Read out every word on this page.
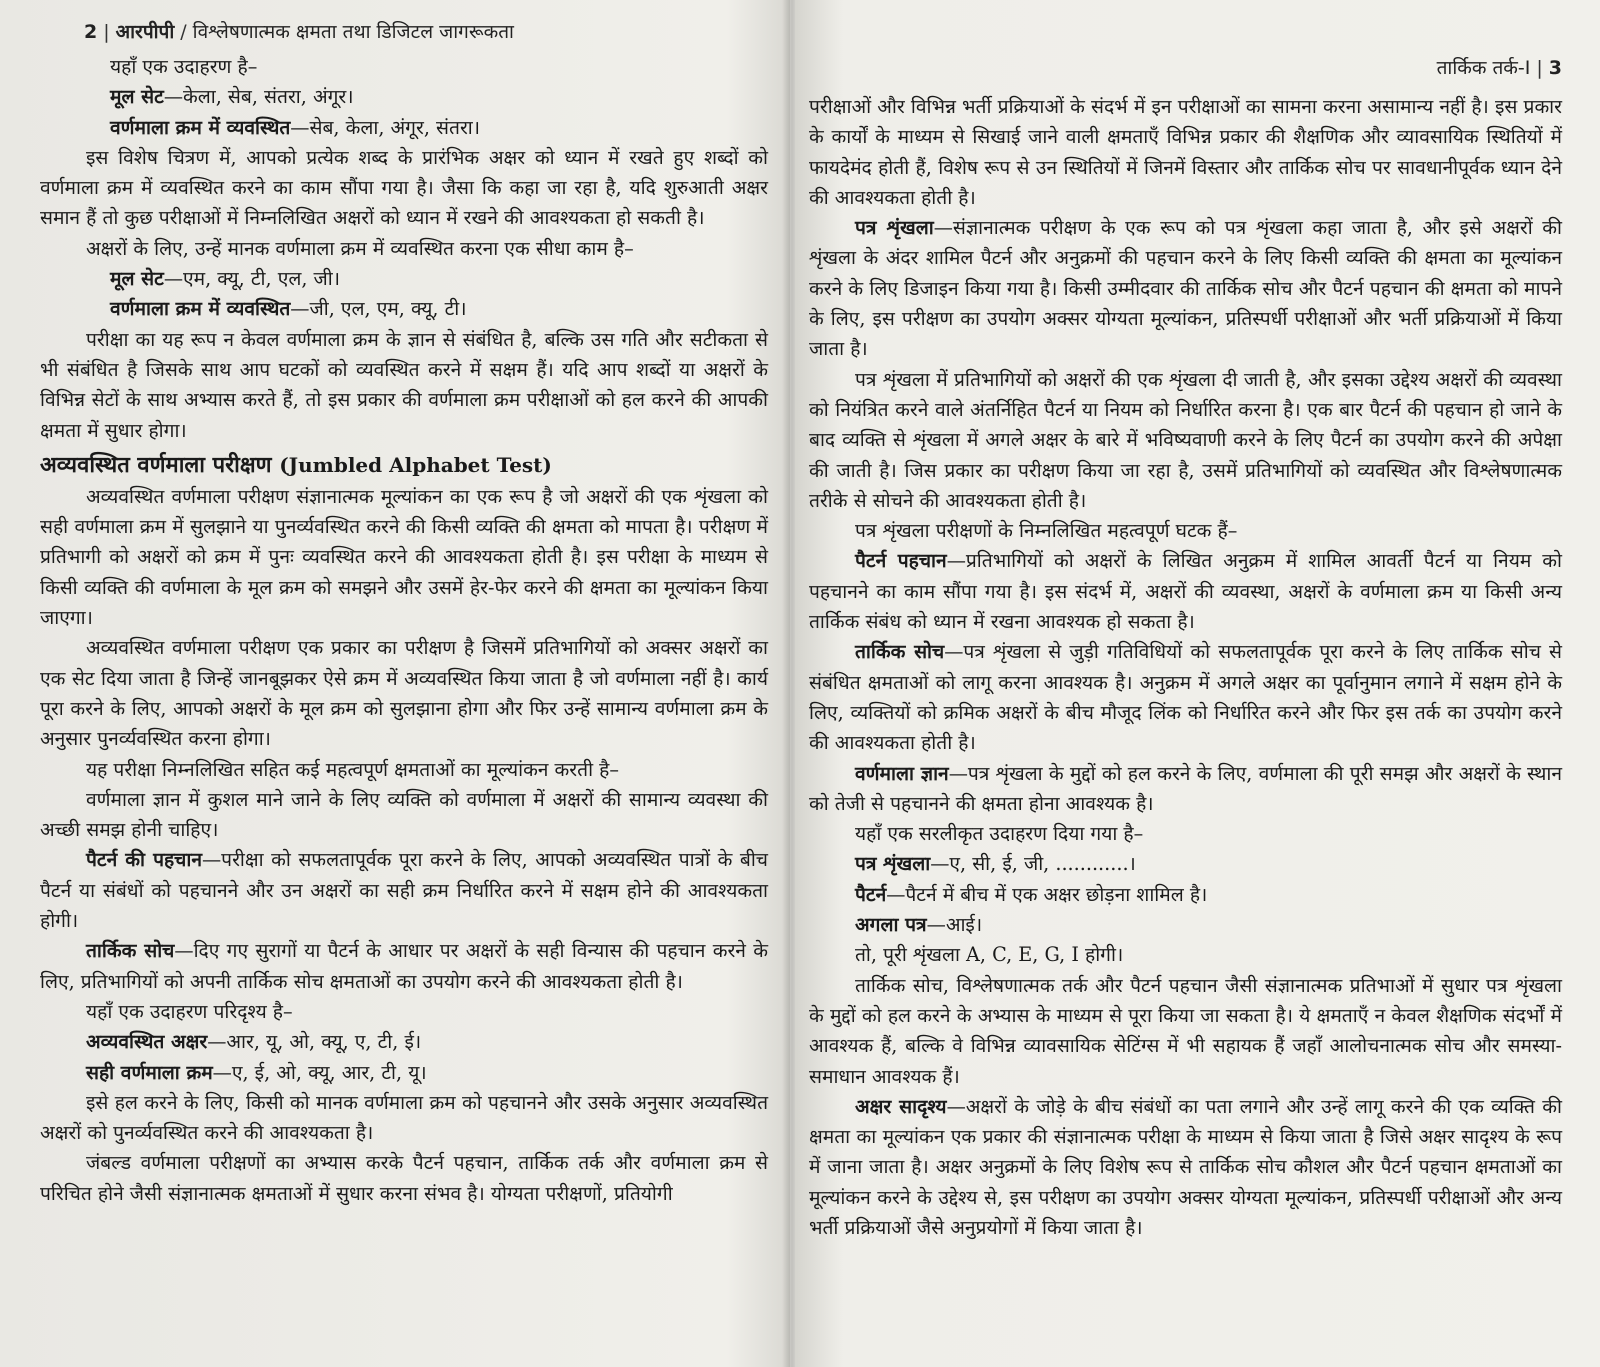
2 | आरपीपी / विश्लेषणात्मक क्षमता तथा डिजिटल जागरूकता

यहाँ एक उदाहरण है–

मूल सेट—केला, सेब, संतरा, अंगूर।

वर्णमाला क्रम में व्यवस्थित—सेब, केला, अंगूर, संतरा।

इस विशेष चित्रण में, आपको प्रत्येक शब्द के प्रारंभिक अक्षर को ध्यान में रखते हुए शब्दों को वर्णमाला क्रम में व्यवस्थित करने का काम सौंपा गया है। जैसा कि कहा जा रहा है, यदि शुरुआती अक्षर समान हैं तो कुछ परीक्षाओं में निम्नलिखित अक्षरों को ध्यान में रखने की आवश्यकता हो सकती है।

अक्षरों के लिए, उन्हें मानक वर्णमाला क्रम में व्यवस्थित करना एक सीधा काम है–

मूल सेट—एम, क्यू, टी, एल, जी।

वर्णमाला क्रम में व्यवस्थित—जी, एल, एम, क्यू, टी।

परीक्षा का यह रूप न केवल वर्णमाला क्रम के ज्ञान से संबंधित है, बल्कि उस गति और सटीकता से भी संबंधित है जिसके साथ आप घटकों को व्यवस्थित करने में सक्षम हैं। यदि आप शब्दों या अक्षरों के विभिन्न सेटों के साथ अभ्यास करते हैं, तो इस प्रकार की वर्णमाला क्रम परीक्षाओं को हल करने की आपकी क्षमता में सुधार होगा।

अव्यवस्थित वर्णमाला परीक्षण (Jumbled Alphabet Test)

अव्यवस्थित वर्णमाला परीक्षण संज्ञानात्मक मूल्यांकन का एक रूप है जो अक्षरों की एक शृंखला को सही वर्णमाला क्रम में सुलझाने या पुनर्व्यवस्थित करने की किसी व्यक्ति की क्षमता को मापता है। परीक्षण में प्रतिभागी को अक्षरों को क्रम में पुनः व्यवस्थित करने की आवश्यकता होती है। इस परीक्षा के माध्यम से किसी व्यक्ति की वर्णमाला के मूल क्रम को समझने और उसमें हेर-फेर करने की क्षमता का मूल्यांकन किया जाएगा।

अव्यवस्थित वर्णमाला परीक्षण एक प्रकार का परीक्षण है जिसमें प्रतिभागियों को अक्सर अक्षरों का एक सेट दिया जाता है जिन्हें जानबूझकर ऐसे क्रम में अव्यवस्थित किया जाता है जो वर्णमाला नहीं है। कार्य पूरा करने के लिए, आपको अक्षरों के मूल क्रम को सुलझाना होगा और फिर उन्हें सामान्य वर्णमाला क्रम के अनुसार पुनर्व्यवस्थित करना होगा।

यह परीक्षा निम्नलिखित सहित कई महत्वपूर्ण क्षमताओं का मूल्यांकन करती है–

वर्णमाला ज्ञान में कुशल माने जाने के लिए व्यक्ति को वर्णमाला में अक्षरों की सामान्य व्यवस्था की अच्छी समझ होनी चाहिए।

पैटर्न की पहचान—परीक्षा को सफलतापूर्वक पूरा करने के लिए, आपको अव्यवस्थित पात्रों के बीच पैटर्न या संबंधों को पहचानने और उन अक्षरों का सही क्रम निर्धारित करने में सक्षम होने की आवश्यकता होगी।

तार्किक सोच—दिए गए सुरागों या पैटर्न के आधार पर अक्षरों के सही विन्यास की पहचान करने के लिए, प्रतिभागियों को अपनी तार्किक सोच क्षमताओं का उपयोग करने की आवश्यकता होती है।

यहाँ एक उदाहरण परिदृश्य है–

अव्यवस्थित अक्षर—आर, यू, ओ, क्यू, ए, टी, ई।

सही वर्णमाला क्रम—ए, ई, ओ, क्यू, आर, टी, यू।

इसे हल करने के लिए, किसी को मानक वर्णमाला क्रम को पहचानने और उसके अनुसार अव्यवस्थित अक्षरों को पुनर्व्यवस्थित करने की आवश्यकता है।

जंबल्ड वर्णमाला परीक्षणों का अभ्यास करके पैटर्न पहचान, तार्किक तर्क और वर्णमाला क्रम से परिचित होने जैसी संज्ञानात्मक क्षमताओं में सुधार करना संभव है। योग्यता परीक्षणों, प्रतियोगी

तार्किक तर्क-I | 3

परीक्षाओं और विभिन्न भर्ती प्रक्रियाओं के संदर्भ में इन परीक्षाओं का सामना करना असामान्य नहीं है। इस प्रकार के कार्यों के माध्यम से सिखाई जाने वाली क्षमताएँ विभिन्न प्रकार की शैक्षणिक और व्यावसायिक स्थितियों में फायदेमंद होती हैं, विशेष रूप से उन स्थितियों में जिनमें विस्तार और तार्किक सोच पर सावधानीपूर्वक ध्यान देने की आवश्यकता होती है।

पत्र शृंखला—संज्ञानात्मक परीक्षण के एक रूप को पत्र शृंखला कहा जाता है, और इसे अक्षरों की शृंखला के अंदर शामिल पैटर्न और अनुक्रमों की पहचान करने के लिए किसी व्यक्ति की क्षमता का मूल्यांकन करने के लिए डिजाइन किया गया है। किसी उम्मीदवार की तार्किक सोच और पैटर्न पहचान की क्षमता को मापने के लिए, इस परीक्षण का उपयोग अक्सर योग्यता मूल्यांकन, प्रतिस्पर्धी परीक्षाओं और भर्ती प्रक्रियाओं में किया जाता है।

पत्र शृंखला में प्रतिभागियों को अक्षरों की एक शृंखला दी जाती है, और इसका उद्देश्य अक्षरों की व्यवस्था को नियंत्रित करने वाले अंतर्निहित पैटर्न या नियम को निर्धारित करना है। एक बार पैटर्न की पहचान हो जाने के बाद व्यक्ति से शृंखला में अगले अक्षर के बारे में भविष्यवाणी करने के लिए पैटर्न का उपयोग करने की अपेक्षा की जाती है। जिस प्रकार का परीक्षण किया जा रहा है, उसमें प्रतिभागियों को व्यवस्थित और विश्लेषणात्मक तरीके से सोचने की आवश्यकता होती है।

पत्र शृंखला परीक्षणों के निम्नलिखित महत्वपूर्ण घटक हैं–

पैटर्न पहचान—प्रतिभागियों को अक्षरों के लिखित अनुक्रम में शामिल आवर्ती पैटर्न या नियम को पहचानने का काम सौंपा गया है। इस संदर्भ में, अक्षरों की व्यवस्था, अक्षरों के वर्णमाला क्रम या किसी अन्य तार्किक संबंध को ध्यान में रखना आवश्यक हो सकता है।

तार्किक सोच—पत्र शृंखला से जुड़ी गतिविधियों को सफलतापूर्वक पूरा करने के लिए तार्किक सोच से संबंधित क्षमताओं को लागू करना आवश्यक है। अनुक्रम में अगले अक्षर का पूर्वानुमान लगाने में सक्षम होने के लिए, व्यक्तियों को क्रमिक अक्षरों के बीच मौजूद लिंक को निर्धारित करने और फिर इस तर्क का उपयोग करने की आवश्यकता होती है।

वर्णमाला ज्ञान—पत्र शृंखला के मुद्दों को हल करने के लिए, वर्णमाला की पूरी समझ और अक्षरों के स्थान को तेजी से पहचानने की क्षमता होना आवश्यक है।

यहाँ एक सरलीकृत उदाहरण दिया गया है–

पत्र शृंखला—ए, सी, ई, जी, ............।

पैटर्न—पैटर्न में बीच में एक अक्षर छोड़ना शामिल है।

अगला पत्र—आई।

तो, पूरी शृंखला A, C, E, G, I होगी।

तार्किक सोच, विश्लेषणात्मक तर्क और पैटर्न पहचान जैसी संज्ञानात्मक प्रतिभाओं में सुधार पत्र शृंखला के मुद्दों को हल करने के अभ्यास के माध्यम से पूरा किया जा सकता है। ये क्षमताएँ न केवल शैक्षणिक संदर्भों में आवश्यक हैं, बल्कि वे विभिन्न व्यावसायिक सेटिंग्स में भी सहायक हैं जहाँ आलोचनात्मक सोच और समस्या-समाधान आवश्यक हैं।

अक्षर सादृश्य—अक्षरों के जोड़े के बीच संबंधों का पता लगाने और उन्हें लागू करने की एक व्यक्ति की क्षमता का मूल्यांकन एक प्रकार की संज्ञानात्मक परीक्षा के माध्यम से किया जाता है जिसे अक्षर सादृश्य के रूप में जाना जाता है। अक्षर अनुक्रमों के लिए विशेष रूप से तार्किक सोच कौशल और पैटर्न पहचान क्षमताओं का मूल्यांकन करने के उद्देश्य से, इस परीक्षण का उपयोग अक्सर योग्यता मूल्यांकन, प्रतिस्पर्धी परीक्षाओं और अन्य भर्ती प्रक्रियाओं जैसे अनुप्रयोगों में किया जाता है।
